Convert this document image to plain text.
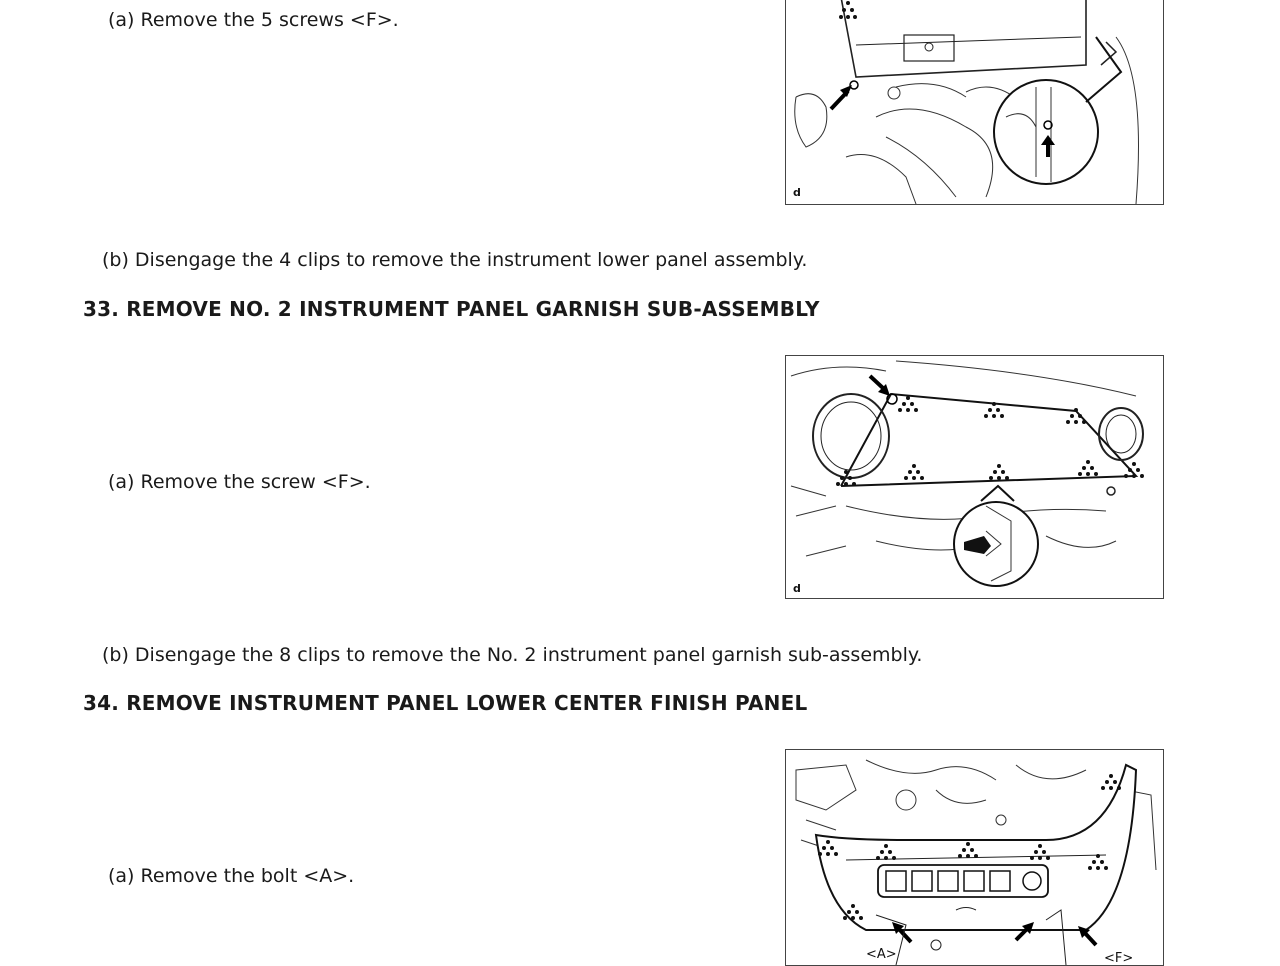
(a) Remove the 5 screws <F>.
d
(b) Disengage the 4 clips to remove the instrument lower panel assembly.
33. REMOVE NO. 2 INSTRUMENT PANEL GARNISH SUB-ASSEMBLY
d
(a) Remove the screw <F>.
(b) Disengage the 8 clips to remove the No. 2 instrument panel garnish sub-assembly.
34. REMOVE INSTRUMENT PANEL LOWER CENTER FINISH PANEL
<A>	<F>
(a) Remove the bolt <A>.
